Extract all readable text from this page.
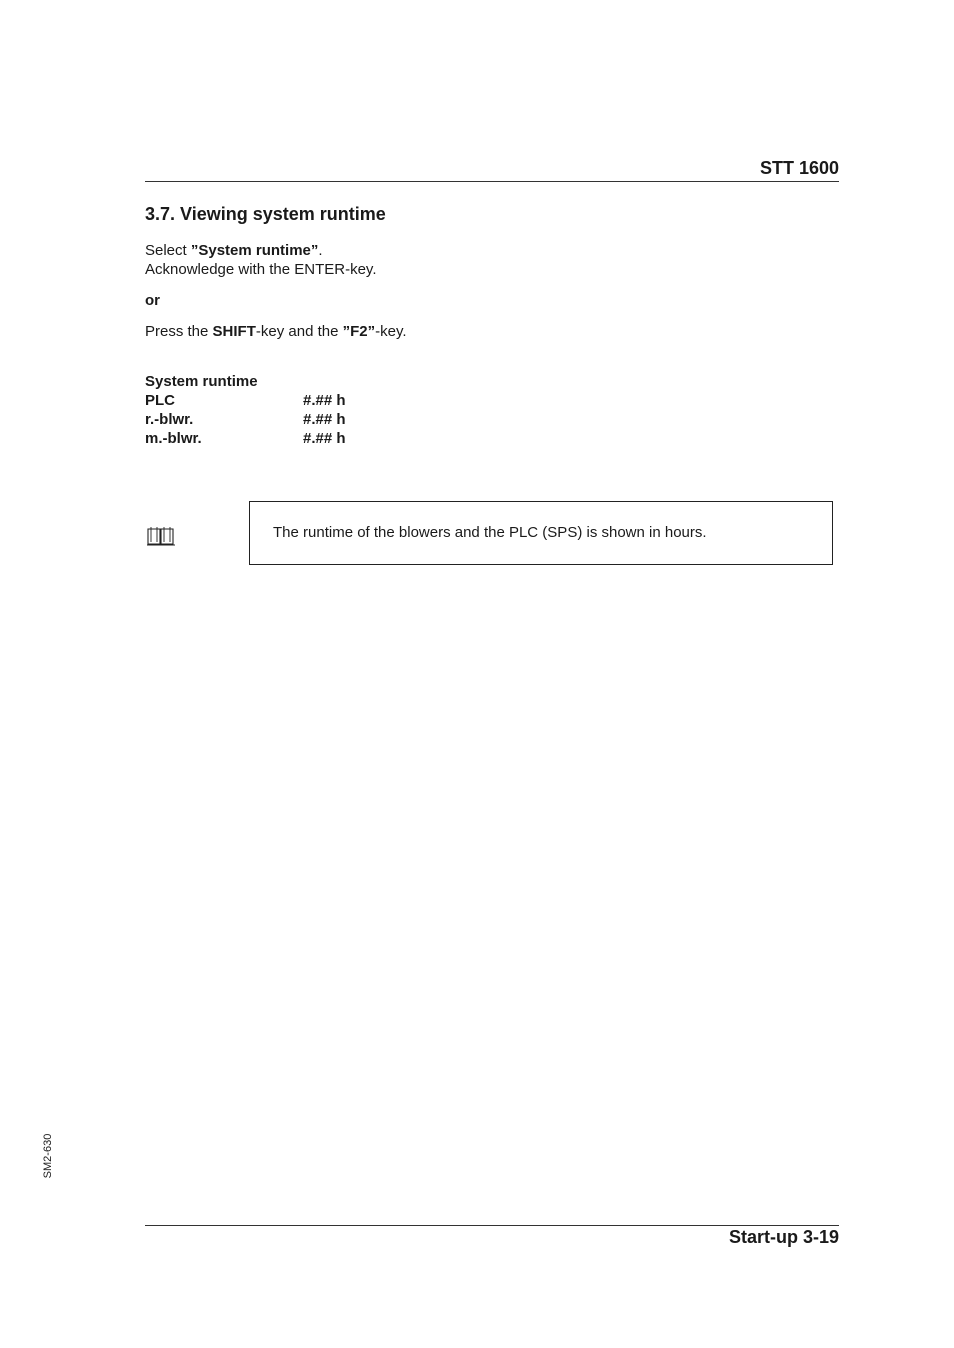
STT 1600
3.7. Viewing system runtime
Select ”System runtime”.
Acknowledge with the ENTER-key.
or
Press the SHIFT-key and the ”F2”-key.
System runtime
PLC	#.## h
r.-blwr.	#.## h
m.-blwr.	#.## h
The runtime of the blowers and the PLC (SPS) is shown in hours.
SM2-630
Start-up 3-19
